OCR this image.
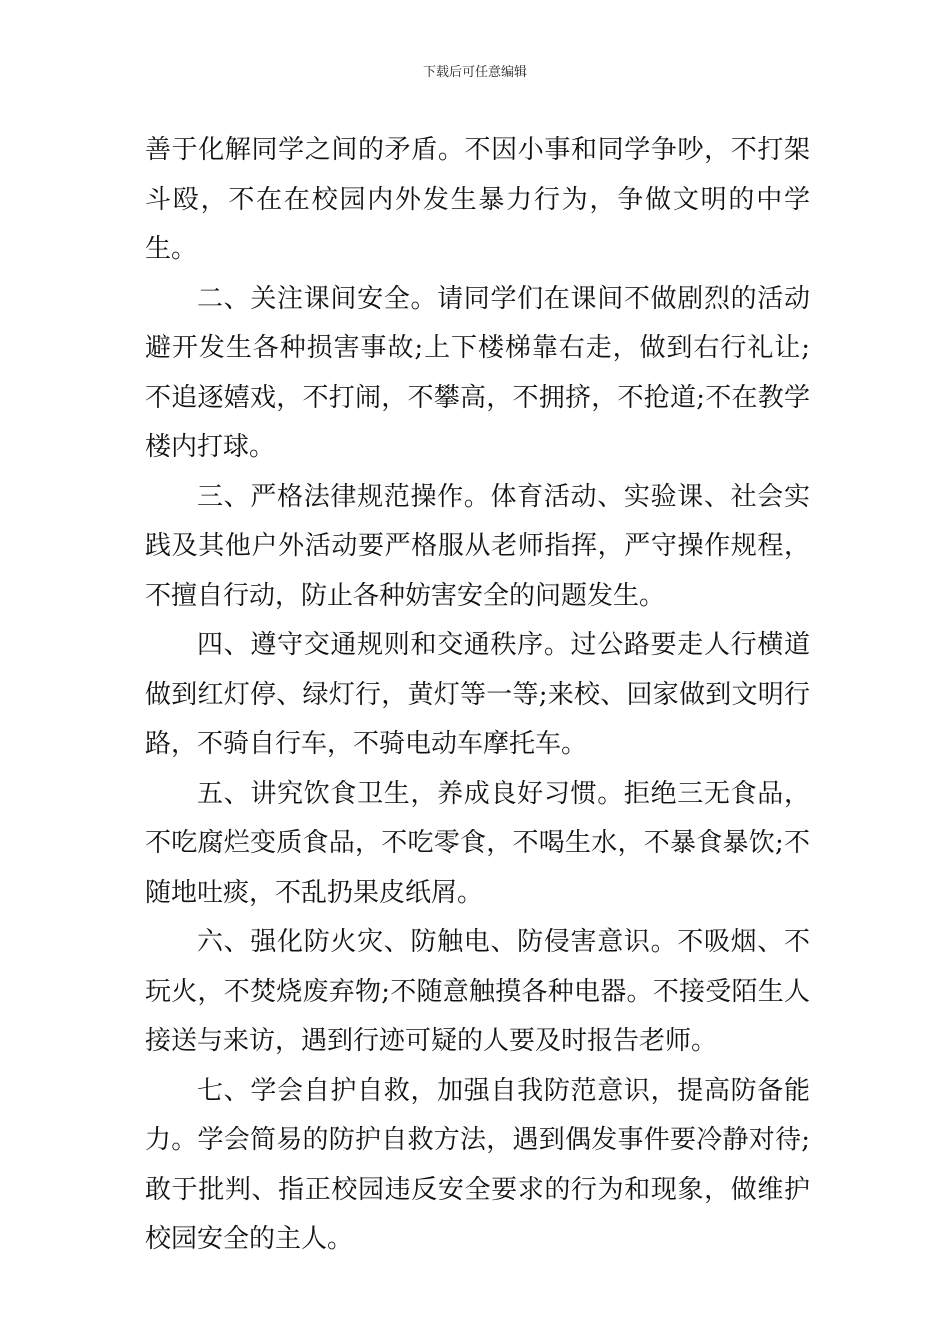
下载后可任意编辑

善于化解同学之间的矛盾。不因小事和同学争吵，不打架斗殴，不在在校园内外发生暴力行为，争做文明的中学生。

二、关注课间安全。请同学们在课间不做剧烈的活动避开发生各种损害事故;上下楼梯靠右走，做到右行礼让;不追逐嬉戏，不打闹，不攀高，不拥挤，不抢道;不在教学楼内打球。

三、严格法律规范操作。体育活动、实验课、社会实践及其他户外活动要严格服从老师指挥，严守操作规程，不擅自行动，防止各种妨害安全的问题发生。

四、遵守交通规则和交通秩序。过公路要走人行横道做到红灯停、绿灯行，黄灯等一等;来校、回家做到文明行路，不骑自行车，不骑电动车摩托车。

五、讲究饮食卫生，养成良好习惯。拒绝三无食品，不吃腐烂变质食品，不吃零食，不喝生水，不暴食暴饮;不随地吐痰，不乱扔果皮纸屑。

六、强化防火灾、防触电、防侵害意识。不吸烟、不玩火，不焚烧废弃物;不随意触摸各种电器。不接受陌生人接送与来访，遇到行迹可疑的人要及时报告老师。

七、学会自护自救，加强自我防范意识，提高防备能力。学会简易的防护自救方法，遇到偶发事件要冷静对待;敢于批判、指正校园违反安全要求的行为和现象，做维护校园安全的主人。
